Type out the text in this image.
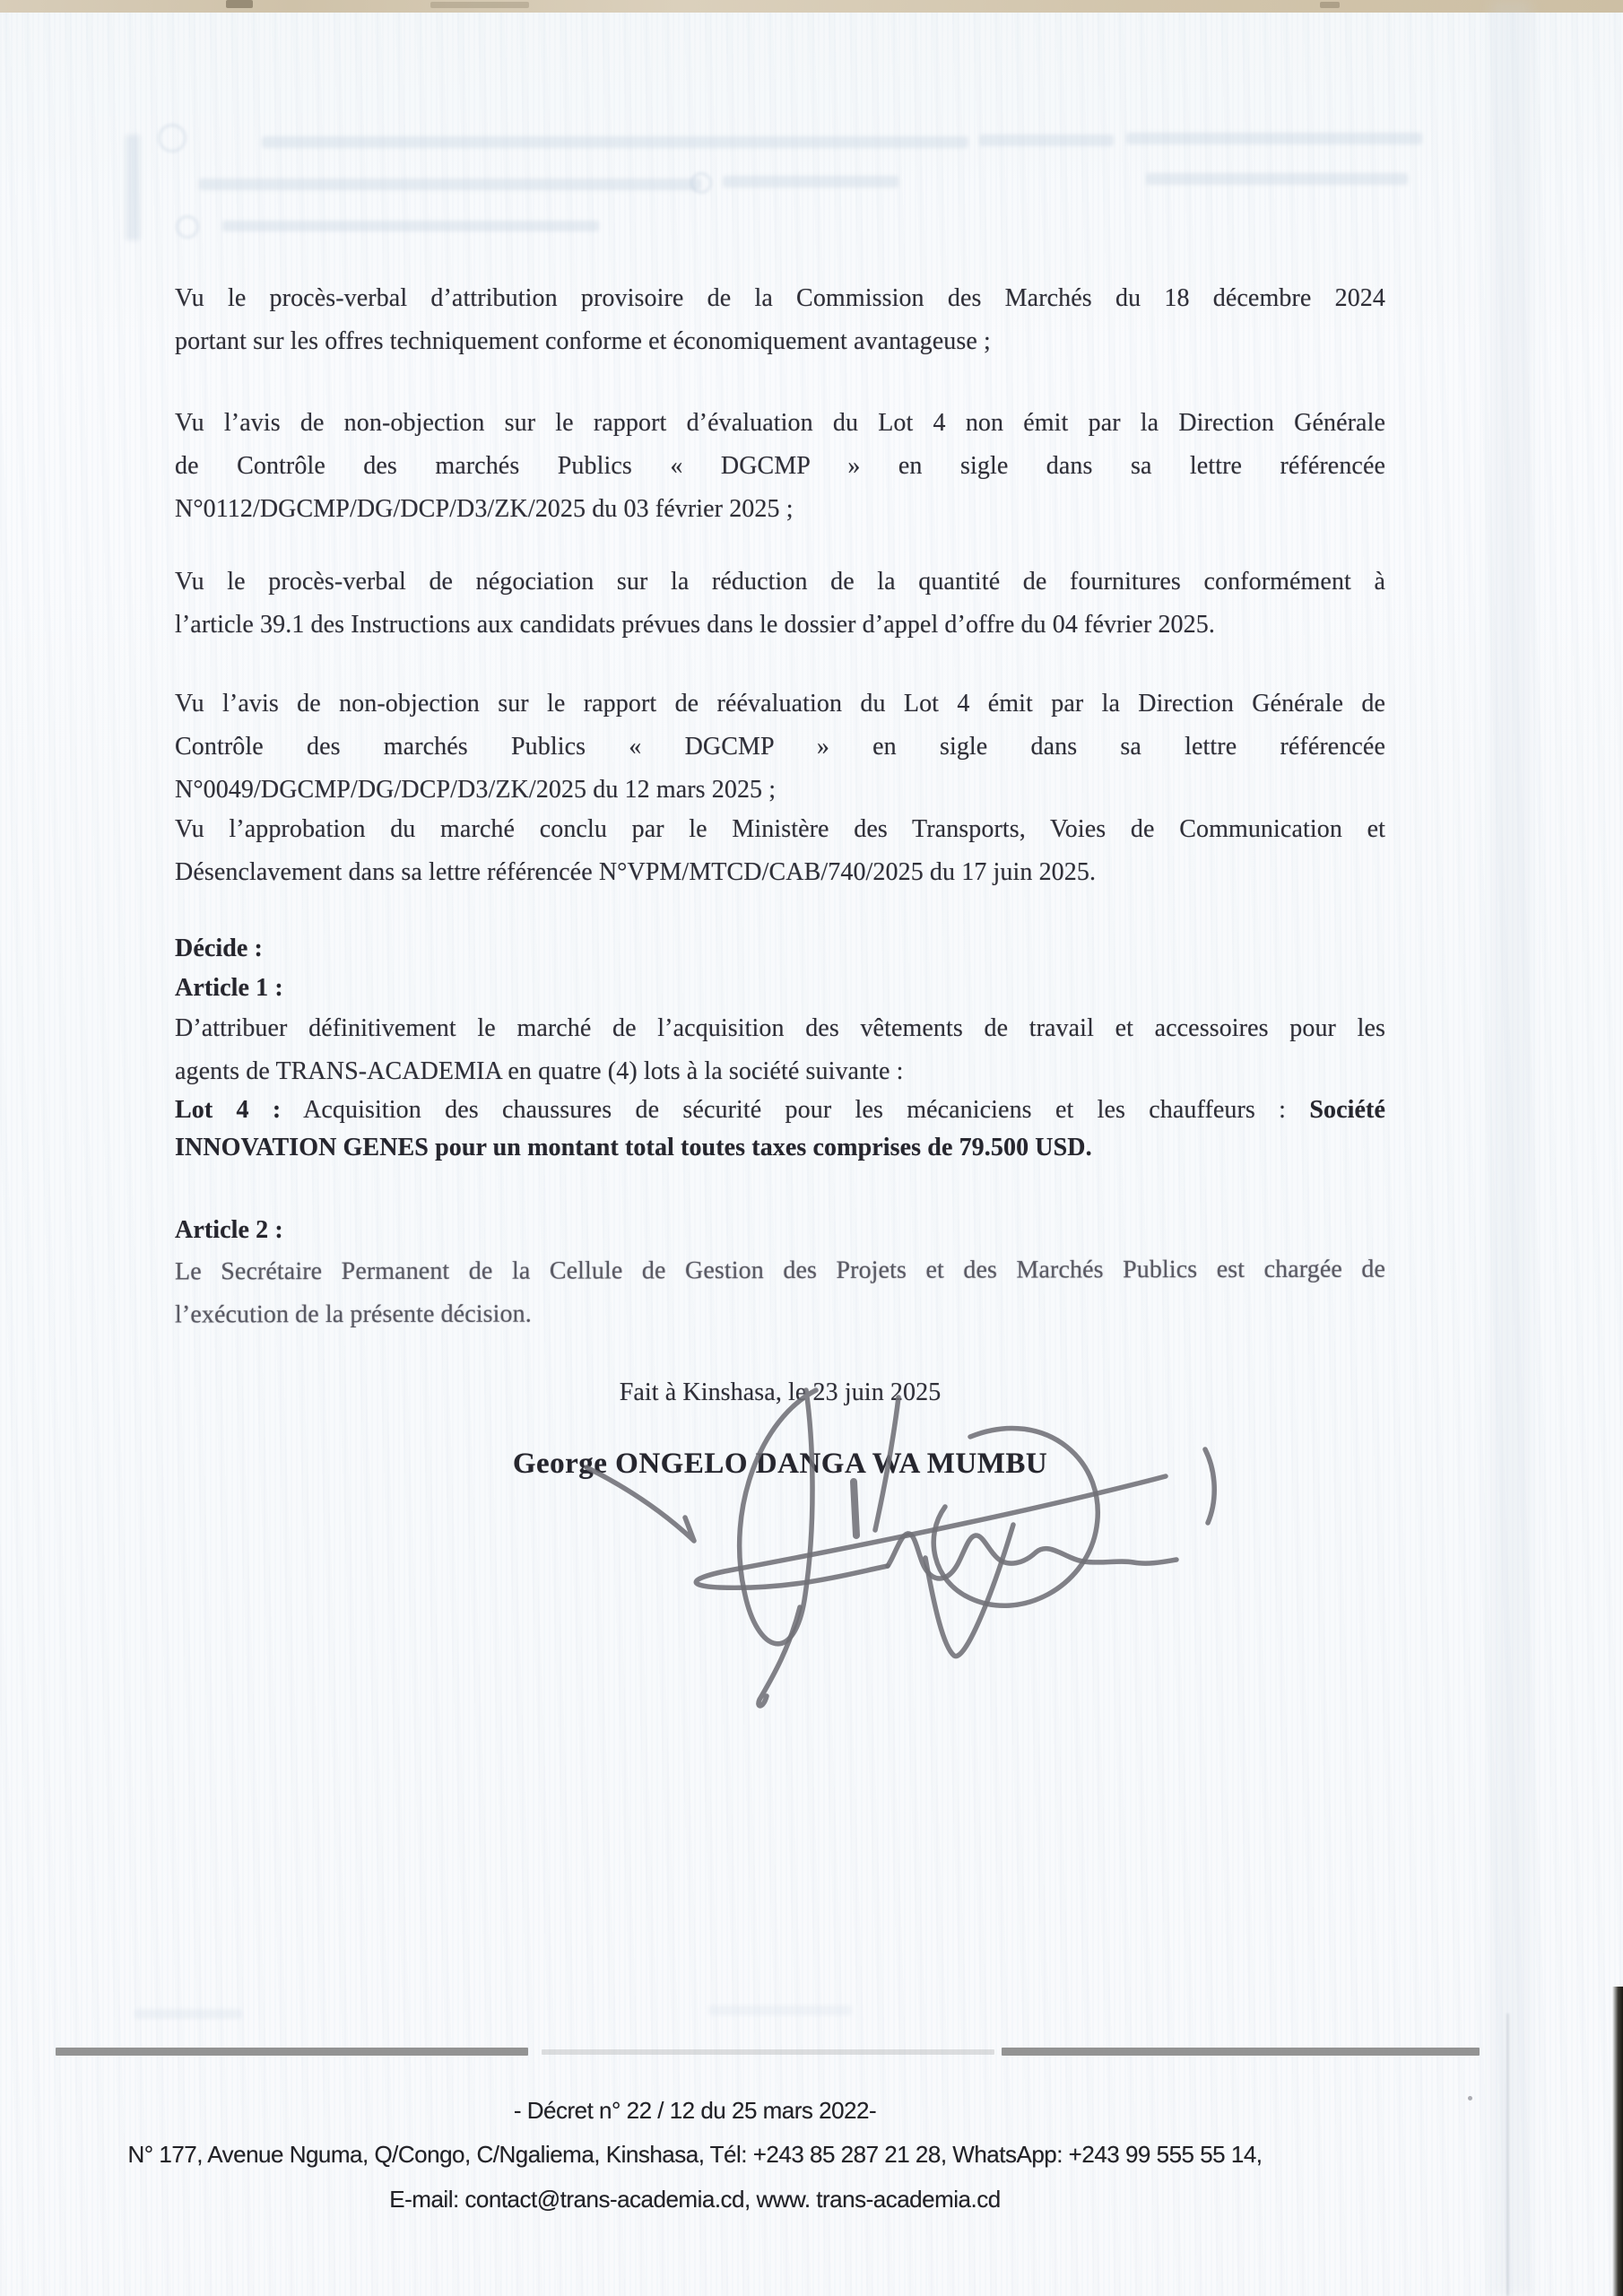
Vu le procès-verbal d’attribution provisoire de la Commission des Marchés du 18 décembre 2024
portant sur les offres techniquement conforme et économiquement avantageuse ;
Vu l’avis de non-objection sur le rapport d’évaluation du Lot 4 non émit par la Direction Générale
de Contrôle des marchés Publics « DGCMP » en sigle dans sa lettre référencée
N°0112/DGCMP/DG/DCP/D3/ZK/2025 du 03 février 2025 ;
Vu le procès-verbal de négociation sur la réduction de la quantité de fournitures conformément à
l’article 39.1 des Instructions aux candidats prévues dans le dossier d’appel d’offre du 04 février 2025.
Vu l’avis de non-objection sur le rapport de réévaluation du Lot 4 émit par la Direction Générale de
Contrôle des marchés Publics « DGCMP » en sigle dans sa lettre référencée
N°0049/DGCMP/DG/DCP/D3/ZK/2025 du 12 mars 2025 ;
Vu l’approbation du marché conclu par le Ministère des Transports, Voies de Communication et
Désenclavement dans sa lettre référencée N°VPM/MTCD/CAB/740/2025 du 17 juin 2025.
Décide :
Article 1 :
D’attribuer définitivement le marché de l’acquisition des vêtements de travail et accessoires pour les
agents de TRANS-ACADEMIA en quatre (4) lots à la société suivante :
Lot 4 : Acquisition des chaussures de sécurité pour les mécaniciens et les chauffeurs : Société
INNOVATION GENES pour un montant total toutes taxes comprises de 79.500 USD.
Article 2 :
Le Secrétaire Permanent de la Cellule de Gestion des Projets et des Marchés Publics est chargée de
l’exécution de la présente décision.
Fait à Kinshasa, le 23 juin 2025
George ONGELO DANGA WA MUMBU
- Décret n° 22 / 12 du 25 mars 2022-
N° 177, Avenue Nguma, Q/Congo, C/Ngaliema, Kinshasa, Tél: +243 85 287 21 28, WhatsApp: +243 99 555 55 14,
E-mail: contact@trans-academia.cd, www. trans-academia.cd
